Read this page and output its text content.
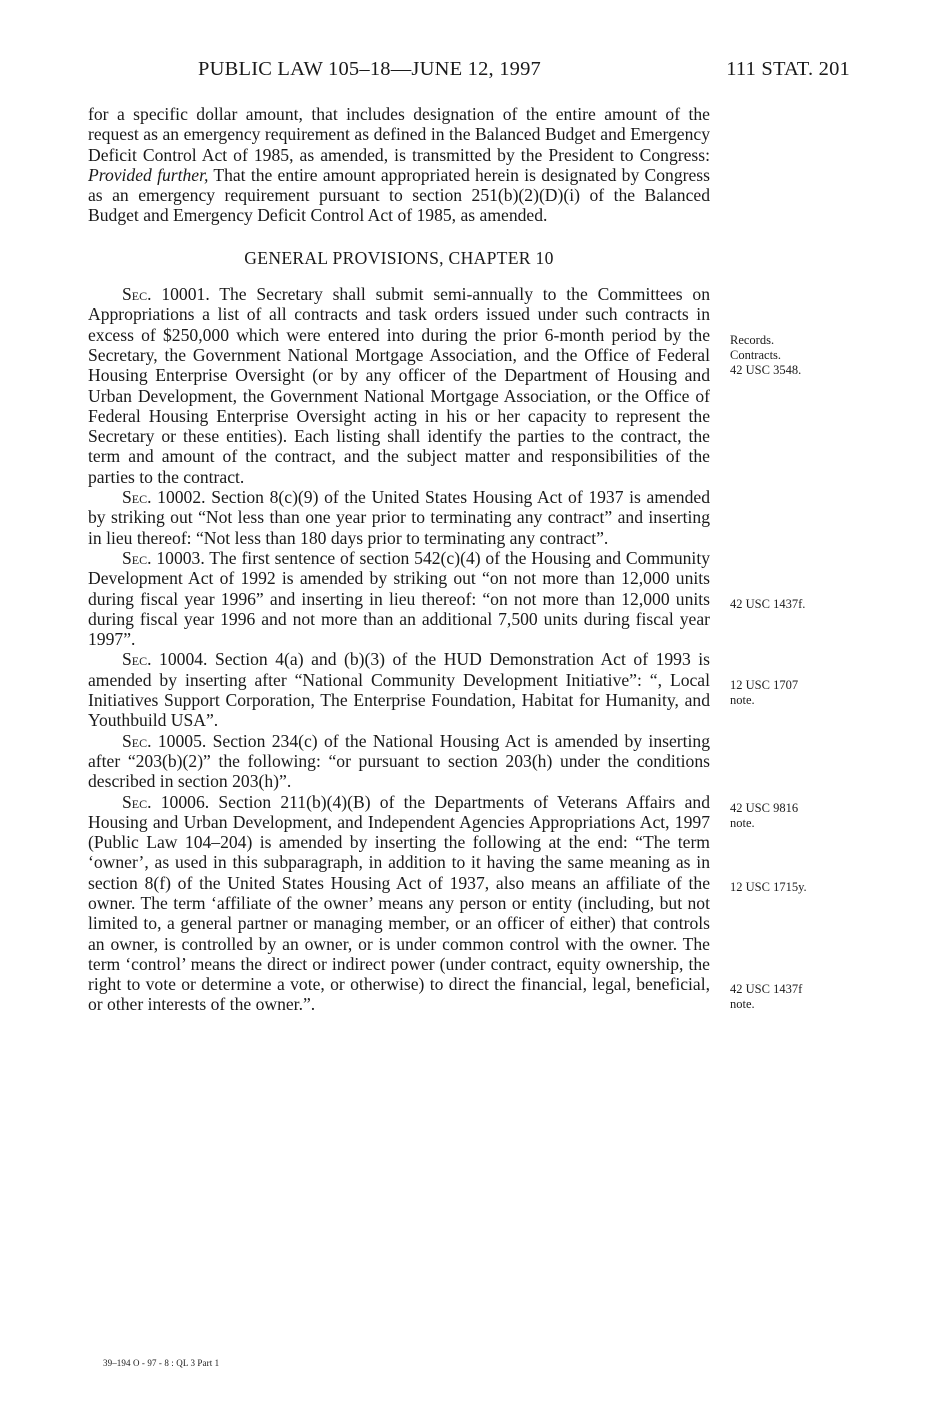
PUBLIC LAW 105–18—JUNE 12, 1997	111 STAT. 201

for a specific dollar amount, that includes designation of the entire amount of the request as an emergency requirement as defined in the Balanced Budget and Emergency Deficit Control Act of 1985, as amended, is transmitted by the President to Congress: Provided further, That the entire amount appropriated herein is designated by Congress as an emergency requirement pursuant to section 251(b)(2)(D)(i) of the Balanced Budget and Emergency Deficit Control Act of 1985, as amended.

GENERAL PROVISIONS, CHAPTER 10

Sec. 10001. The Secretary shall submit semi-annually to the Committees on Appropriations a list of all contracts and task orders issued under such contracts in excess of $250,000 which were entered into during the prior 6-month period by the Secretary, the Government National Mortgage Association, and the Office of Federal Housing Enterprise Oversight (or by any officer of the Department of Housing and Urban Development, the Government National Mortgage Association, or the Office of Federal Housing Enterprise Oversight acting in his or her capacity to represent the Secretary or these entities). Each listing shall identify the parties to the contract, the term and amount of the contract, and the subject matter and responsibilities of the parties to the contract.

Sec. 10002. Section 8(c)(9) of the United States Housing Act of 1937 is amended by striking out “Not less than one year prior to terminating any contract” and inserting in lieu thereof: “Not less than 180 days prior to terminating any contract”.

Sec. 10003. The first sentence of section 542(c)(4) of the Housing and Community Development Act of 1992 is amended by striking out “on not more than 12,000 units during fiscal year 1996” and inserting in lieu thereof: “on not more than 12,000 units during fiscal year 1996 and not more than an additional 7,500 units during fiscal year 1997”.

Sec. 10004. Section 4(a) and (b)(3) of the HUD Demonstration Act of 1993 is amended by inserting after “National Community Development Initiative”: “, Local Initiatives Support Corporation, The Enterprise Foundation, Habitat for Humanity, and Youthbuild USA”.

Sec. 10005. Section 234(c) of the National Housing Act is amended by inserting after “203(b)(2)” the following: “or pursuant to section 203(h) under the conditions described in section 203(h)”.

Sec. 10006. Section 211(b)(4)(B) of the Departments of Veterans Affairs and Housing and Urban Development, and Independent Agencies Appropriations Act, 1997 (Public Law 104–204) is amended by inserting the following at the end: “The term ‘owner’, as used in this subparagraph, in addition to it having the same meaning as in section 8(f) of the United States Housing Act of 1937, also means an affiliate of the owner. The term ‘affiliate of the owner’ means any person or entity (including, but not limited to, a general partner or managing member, or an officer of either) that controls an owner, is controlled by an owner, or is under common control with the owner. The term ‘control’ means the direct or indirect power (under contract, equity ownership, the right to vote or determine a vote, or otherwise) to direct the financial, legal, beneficial, or other interests of the owner.”.

Records.
Contracts.
42 USC 3548.
42 USC 1437f.
12 USC 1707
note.
42 USC 9816
note.
12 USC 1715y.
42 USC 1437f
note.
39–194 O - 97 - 8 : QL 3 Part 1
